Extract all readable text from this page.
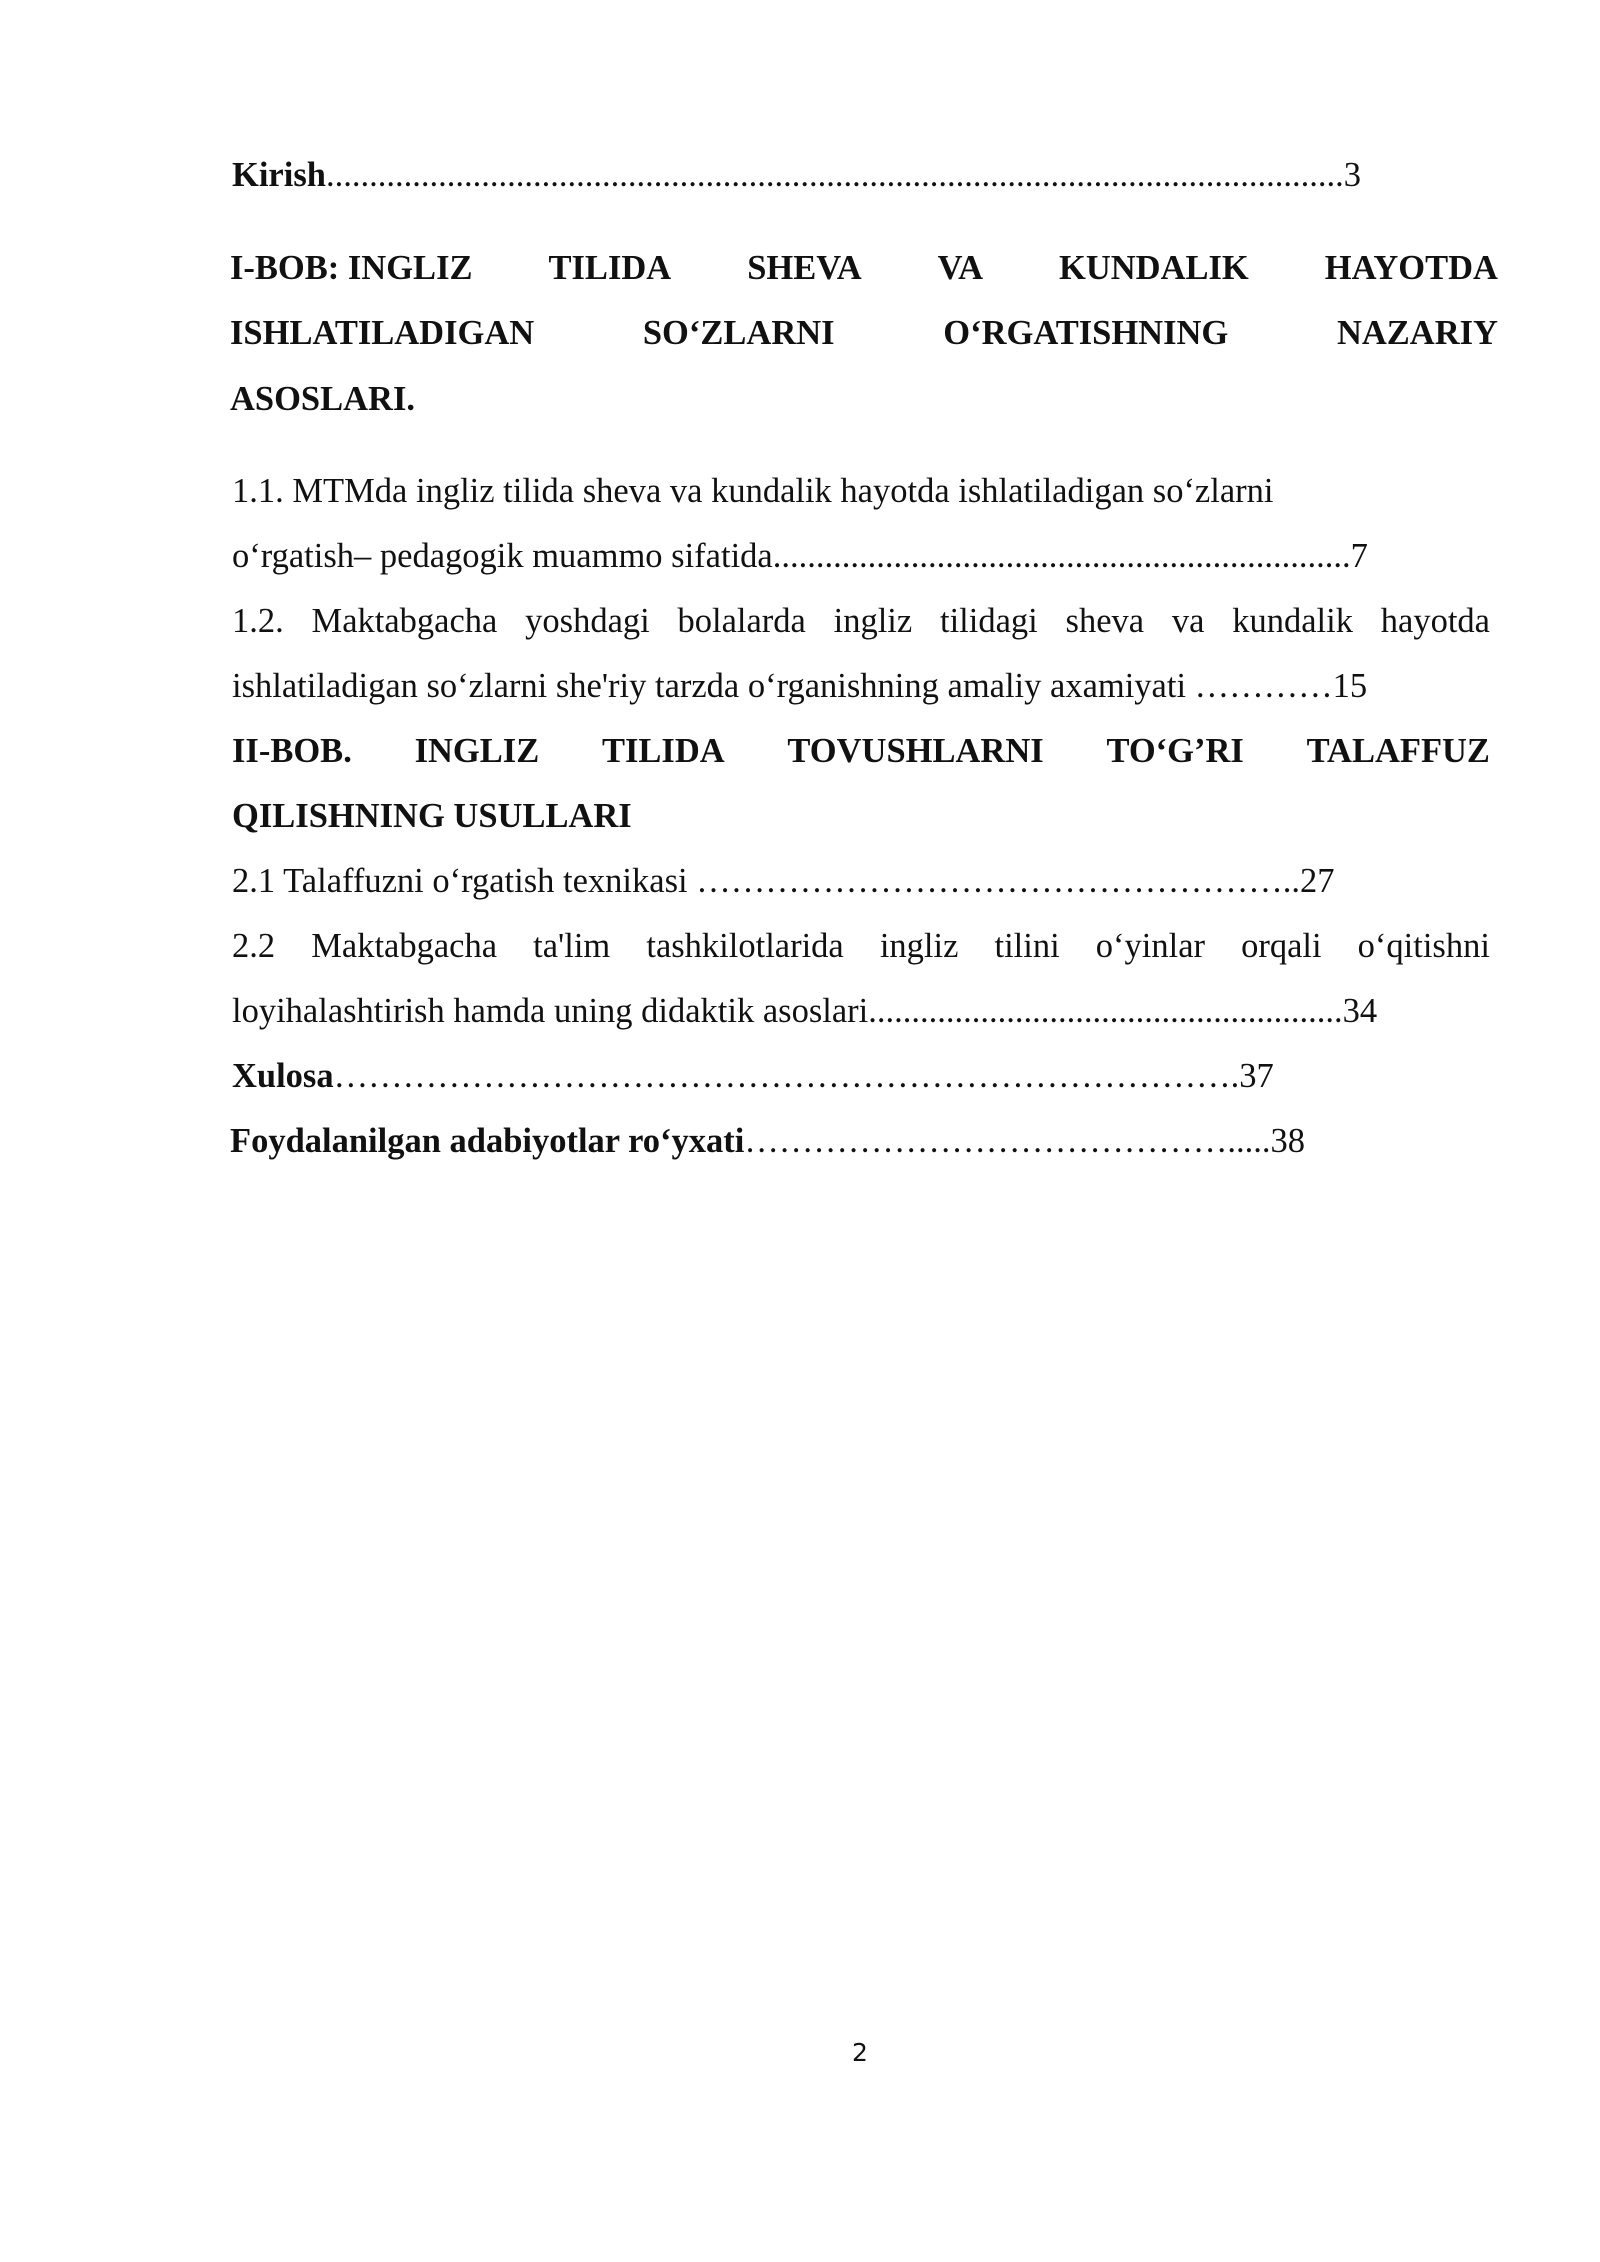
Kirish......................................................................................................................3
I-BOB: INGLIZ TILIDA SHEVA VA KUNDALIK HAYOTDA
ISHLATILADIGAN	SO‘ZLARNI	O‘RGATISHNING	NAZARIY
ASOSLARI.
1.1. MTMda ingliz tilida sheva va kundalik hayotda ishlatiladigan so‘zlarni
o‘rgatish– pedagogik muammo sifatida...................................................................7
1.2. Maktabgacha yoshdagi bolalarda ingliz tilidagi sheva va kundalik hayotda
ishlatiladigan so‘zlarni she'riy tarzda o‘rganishning amaliy axamiyati …………15
II-BOB. INGLIZ TILIDA TOVUSHLARNI TO‘G’RI TALAFFUZ
QILISHNING USULLARI
2.1 Talaffuzni o‘rgatish texnikasi ……………………………………………..27
2.2 Maktabgacha ta'lim tashkilotlarida ingliz tilini o‘yinlar orqali o‘qitishni
loyihalashtirish hamda uning didaktik asoslari.......................................................34
Xulosa…………………………………………………………………….37
Foydalanilgan adabiyotlar ro‘yxati…………………………………….....38
2
